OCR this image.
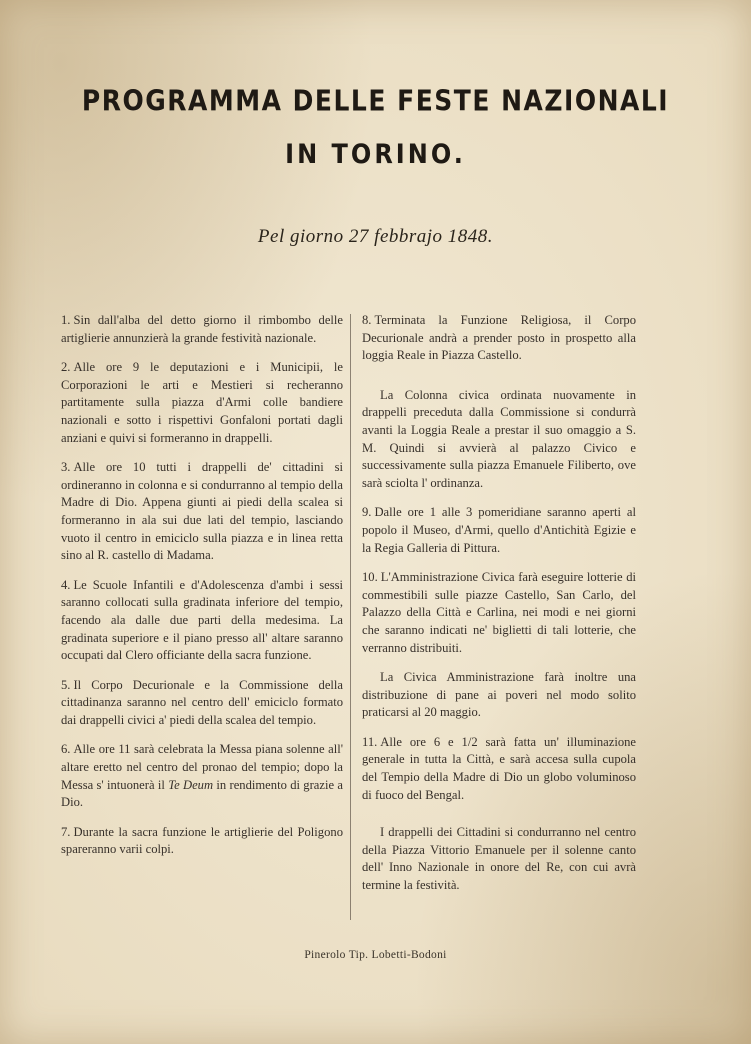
PROGRAMMA DELLE FESTE NAZIONALI
IN TORINO.
Pel giorno 27 febbrajo 1848.

1. Sin dall'alba del detto giorno il rimbombo delle artiglierie annunzierà la grande festività nazionale.

2. Alle ore 9 le deputazioni e i Municipii, le Corporazioni le arti e Mestieri si recheranno partitamente sulla piazza d'Armi colle bandiere nazionali e sotto i rispettivi Gonfaloni portati dagli anziani e quivi si formeranno in drappelli.

3. Alle ore 10 tutti i drappelli de' cittadini si ordineranno in colonna e si condurranno al tempio della Madre di Dio. Appena giunti ai piedi della scalea si formeranno in ala sui due lati del tempio, lasciando vuoto il centro in emiciclo sulla piazza e in linea retta sino al R. castello di Madama.

4. Le Scuole Infantili e d'Adolescenza d'ambi i sessi saranno collocati sulla gradinata inferiore del tempio, facendo ala dalle due parti della medesima. La gradinata superiore e il piano presso all' altare saranno occupati dal Clero officiante della sacra funzione.

5. Il Corpo Decurionale e la Commissione della cittadinanza saranno nel centro dell' emiciclo formato dai drappelli civici a' piedi della scalea del tempio.

6. Alle ore 11 sarà celebrata la Messa piana solenne all' altare eretto nel centro del pronao del tempio; dopo la Messa s' intuonerà il Te Deum in rendimento di grazie a Dio.

7. Durante la sacra funzione le artiglierie del Poligono spareranno varii colpi.

8. Terminata la Funzione Religiosa, il Corpo Decurionale andrà a prender posto in prospetto alla loggia Reale in Piazza Castello.

La Colonna civica ordinata nuovamente in drappelli preceduta dalla Commissione si condurrà avanti la Loggia Reale a prestar il suo omaggio a S. M. Quindi si avvierà al palazzo Civico e successivamente sulla piazza Emanuele Filiberto, ove sarà sciolta l' ordinanza.

9. Dalle ore 1 alle 3 pomeridiane saranno aperti al popolo il Museo, d'Armi, quello d'Antichità Egizie e la Regia Galleria di Pittura.

10. L'Amministrazione Civica farà eseguire lotterie di commestibili sulle piazze Castello, San Carlo, del Palazzo della Città e Carlina, nei modi e nei giorni che saranno indicati ne' biglietti di tali lotterie, che verranno distribuiti.

La Civica Amministrazione farà inoltre una distribuzione di pane ai poveri nel modo solito praticarsi al 20 maggio.

11. Alle ore 6 e 1/2 sarà fatta un' illuminazione generale in tutta la Città, e sarà accesa sulla cupola del Tempio della Madre di Dio un globo voluminoso di fuoco del Bengal.

I drappelli dei Cittadini si condurranno nel centro della Piazza Vittorio Emanuele per il solenne canto dell' Inno Nazionale in onore del Re, con cui avrà termine la festività.

Pinerolo Tip. Lobetti-Bodoni
